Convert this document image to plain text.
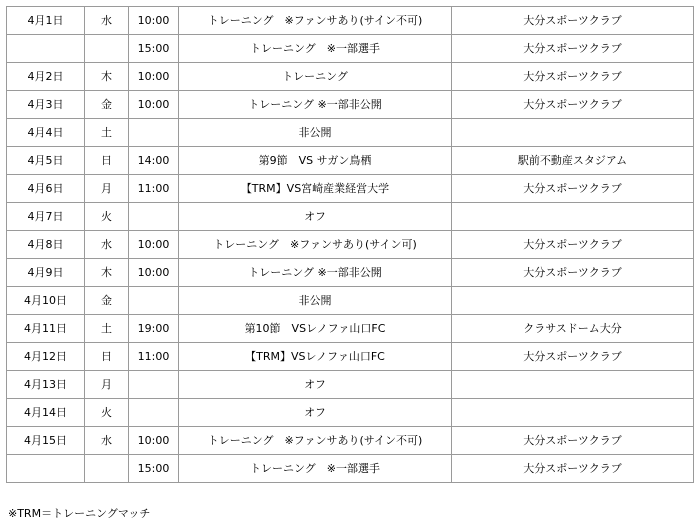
4月1日	水	10:00	トレーニング　※ファンサあり(サイン不可)	大分スポーツクラブ
		15:00	トレーニング　※一部選手	大分スポーツクラブ
4月2日	木	10:00	トレーニング	大分スポーツクラブ
4月3日	金	10:00	トレーニング ※一部非公開	大分スポーツクラブ
4月4日	土		非公開	
4月5日	日	14:00	第9節　VS サガン鳥栖	駅前不動産スタジアム
4月6日	月	11:00	【TRM】VS宮崎産業経営大学	大分スポーツクラブ
4月7日	火		オフ	
4月8日	水	10:00	トレーニング　※ファンサあり(サイン可)	大分スポーツクラブ
4月9日	木	10:00	トレーニング ※一部非公開	大分スポーツクラブ
4月10日	金		非公開	
4月11日	土	19:00	第10節　VSレノファ山口FC	クラサスドーム大分
4月12日	日	11:00	【TRM】VSレノファ山口FC	大分スポーツクラブ
4月13日	月		オフ	
4月14日	火		オフ	
4月15日	水	10:00	トレーニング　※ファンサあり(サイン不可)	大分スポーツクラブ
		15:00	トレーニング　※一部選手	大分スポーツクラブ
※TRM＝トレーニングマッチ
